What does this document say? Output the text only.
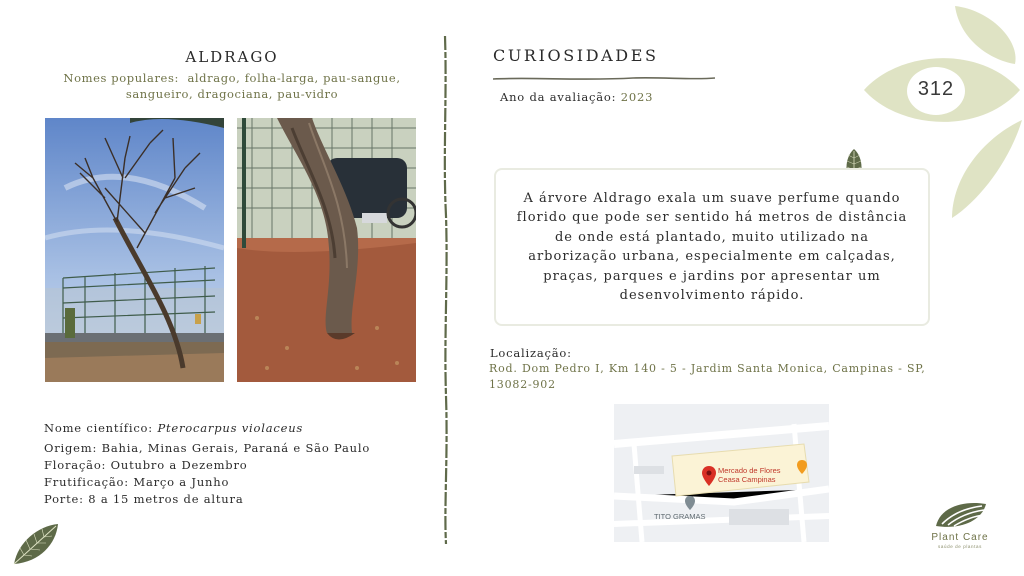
ALDRAGO
Nomes populares: aldrago, folha-larga, pau-sangue,
sangueiro, dragociana, pau-vidro
Nome científico: Pterocarpus violaceus
Origem: Bahia, Minas Gerais, Paraná e São Paulo
Floração: Outubro a Dezembro
Frutificação: Março a Junho
Porte: 8 a 15 metros de altura
CURIOSIDADES
Ano da avaliação: 2023

A árvore Aldrago exala um suave perfume quando florido que pode ser sentido há metros de distância de onde está plantado, muito utilizado na arborização urbana, especialmente em calçadas, praças, parques e jardins por apresentar um desenvolvimento rápido.

Localização:
Rod. Dom Pedro I, Km 140 - 5 - Jardim Santa Monica, Campinas - SP,
13082-902
Mercado de Flores
Ceasa Campinas
TITO GRAMAS
312
Plant Care
saúde de plantas
